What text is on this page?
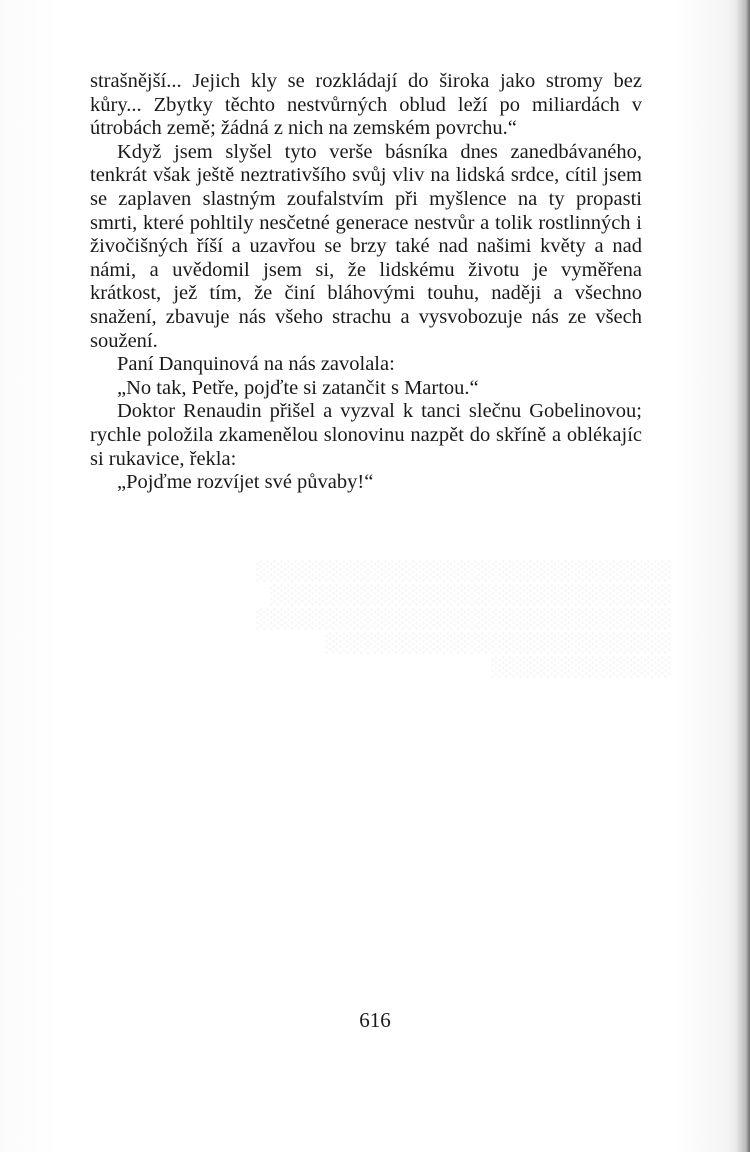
░░░░░░░░░░░░░░░░░░░░░░░░░░░░░░
░░░░░░░░░░░░░░░░░░░░░░░░░░░░░
░░░░░░░░░░░░░░░░░░░░░░░░░░░░░░
░░░░░░░░░░░░░░░░░░░░░░░░░
░░░░░░░░░░░░░

strašnější... Jejich kly se rozkládají do široka jako stromy bez kůry... Zbytky těchto nestvůrných oblud leží po miliardách v útrobách země; žádná z nich na zemském povrchu.“

Když jsem slyšel tyto verše básníka dnes zanedbávaného, tenkrát však ještě neztrativšího svůj vliv na lidská srdce, cítil jsem se zaplaven slastným zoufalstvím při myšlence na ty propasti smrti, které pohltily nesčetné generace nestvůr a tolik rostlinných i živočišných říší a uzavřou se brzy také nad našimi květy a nad námi, a uvědomil jsem si, že lidskému životu je vyměřena krátkost, jež tím, že činí bláhovými touhu, naději a všechno snažení, zbavuje nás všeho strachu a vysvobozuje nás ze všech soužení.

Paní Danquinová na nás zavolala:

„No tak, Petře, pojďte si zatančit s Martou.“

Doktor Renaudin přišel a vyzval k tanci slečnu Gobelinovou; rychle položila zkamenělou slonovinu nazpět do skříně a oblékajíc si rukavice, řekla:

„Pojďme rozvíjet své půvaby!“

616
